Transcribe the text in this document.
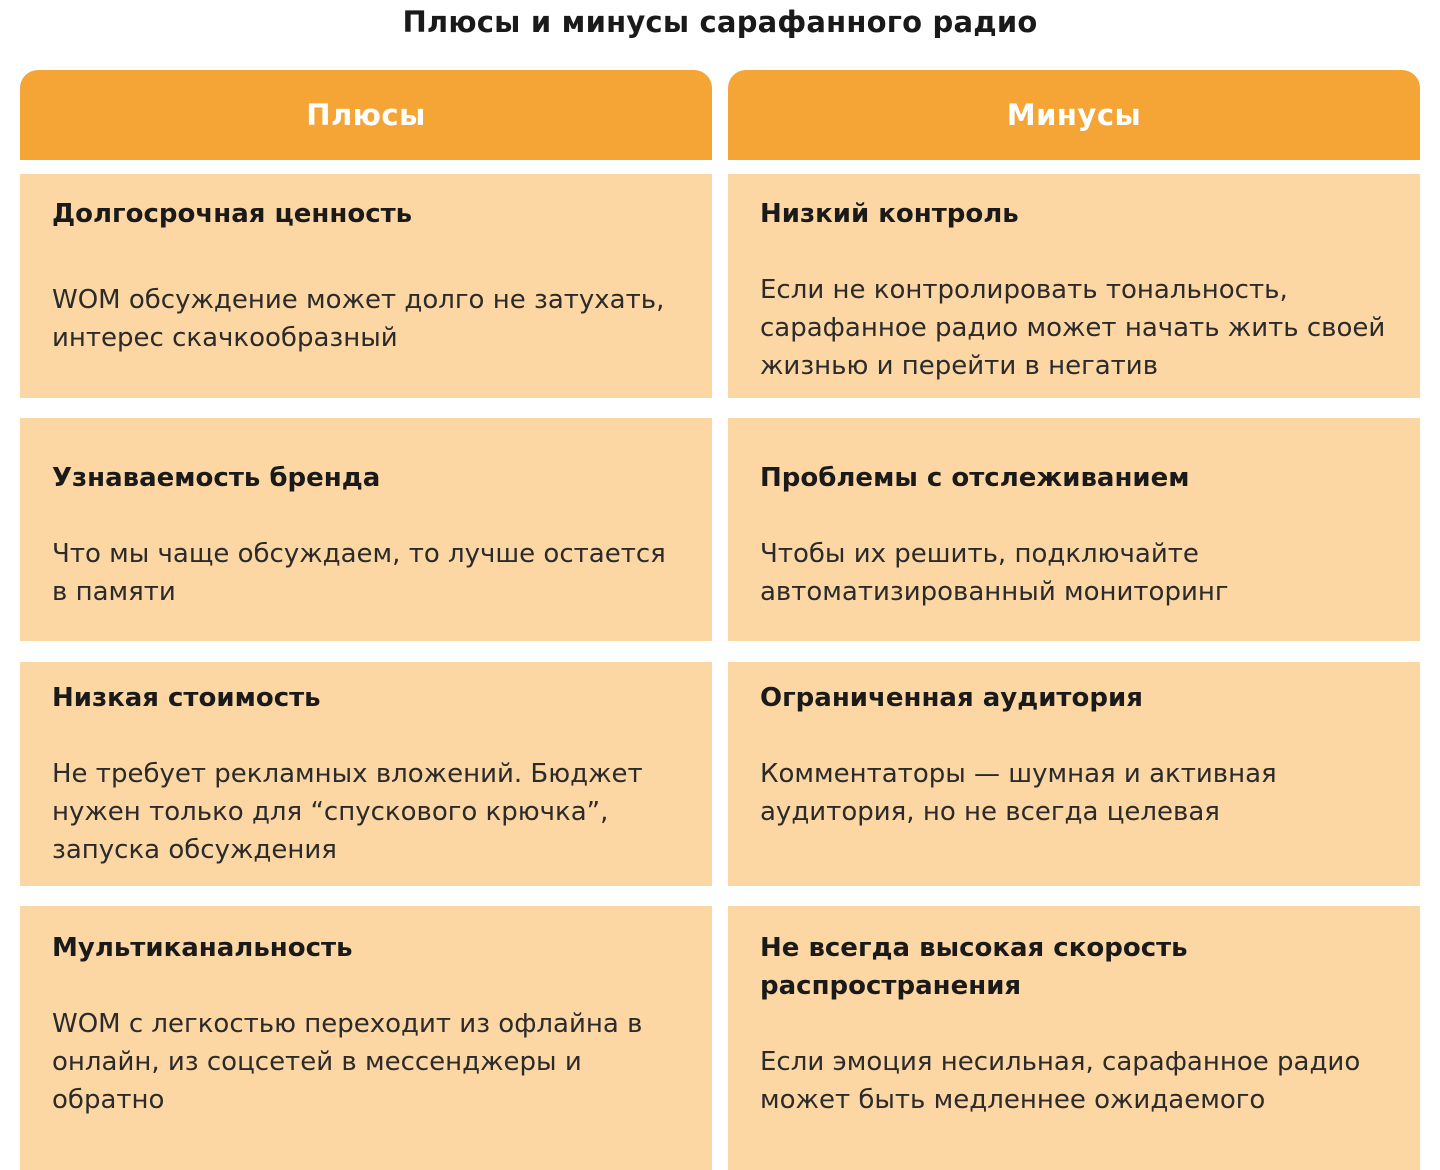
Плюсы и минусы сарафанного радио
Плюсы
Долгосрочная ценность
WOM обсуждение может долго не затухать, интерес скачкообразный
Узнаваемость бренда
Что мы чаще обсуждаем, то лучше остается в памяти
Низкая стоимость
Не требует рекламных вложений. Бюджет нужен только для “спускового крючка”, запуска обсуждения
Мультиканальность
WOM с легкостью переходит из офлайна в онлайн, из соцсетей в мессенджеры и обратно
Минусы
Низкий контроль
Если не контролировать тональность, сарафанное радио может начать жить своей жизнью и перейти в негатив
Проблемы с отслеживанием
Чтобы их решить, подключайте автоматизированный мониторинг
Ограниченная аудитория
Комментаторы — шумная и активная аудитория, но не всегда целевая
Не всегда высокая скорость распространения
Если эмоция несильная, сарафанное радио может быть медленнее ожидаемого
